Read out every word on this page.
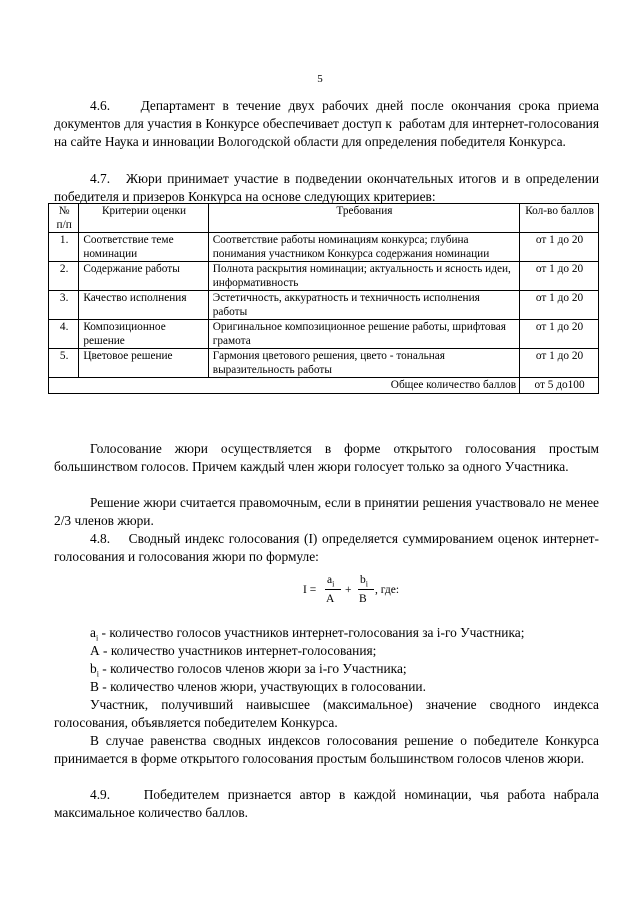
5

4.6.    Департамент в течение двух рабочих дней после окончания срока приема документов для участия в Конкурсе обеспечивает доступ к  работам для интернет-голосования на сайте Наука и инновации Вологодской области для определения победителя Конкурса.

4.7.   Жюри принимает участие в подведении окончательных итогов и в определении победителя и призеров Конкурса на основе следующих критериев:

№ п/п	Критерии оценки	Требования	Кол-во баллов
1.	Соответствие теме номинации	Соответствие работы номинациям конкурса; глубина понимания участником Конкурса содержания номинации	от 1 до 20
2.	Содержание работы	Полнота раскрытия номинации; актуальность и ясность идеи, информативность	от 1 до 20
3.	Качество исполнения	Эстетичность, аккуратность и техничность исполнения работы	от 1 до 20
4.	Композиционное решение	Оригинальное композиционное решение работы, шрифтовая грамота	от 1 до 20
5.	Цветовое решение	Гармония цветового решения, цвето - тональная выразительность работы	от 1 до 20
Общее количество баллов			от 5 до100

Голосование жюри осуществляется в форме открытого голосования простым большинством голосов. Причем каждый член жюри голосует только за одного Участника.

Решение жюри считается правомочным, если в принятии решения участвовало не менее 2/3 членов жюри.

4.8.    Сводный индекс голосования (I) определяется суммированием оценок интернет-голосования и голосования жюри по формуле:

I =
$a_i$
A
+
$b_i$
B
, где:

$a_i$ - количество голосов участников интернет-голосования за i-го Участника;

А - количество участников интернет-голосования;

$b_i$ - количество голосов членов жюри за i-го Участника;

В - количество членов жюри, участвующих в голосовании.

Участник, получивший наивысшее (максимальное) значение сводного индекса голосования, объявляется победителем Конкурса.

В случае равенства сводных индексов голосования решение о победителе Конкурса принимается в форме открытого голосования простым большинством голосов членов жюри.

4.9.    Победителем признается автор в каждой номинации, чья работа набрала максимальное количество баллов.
